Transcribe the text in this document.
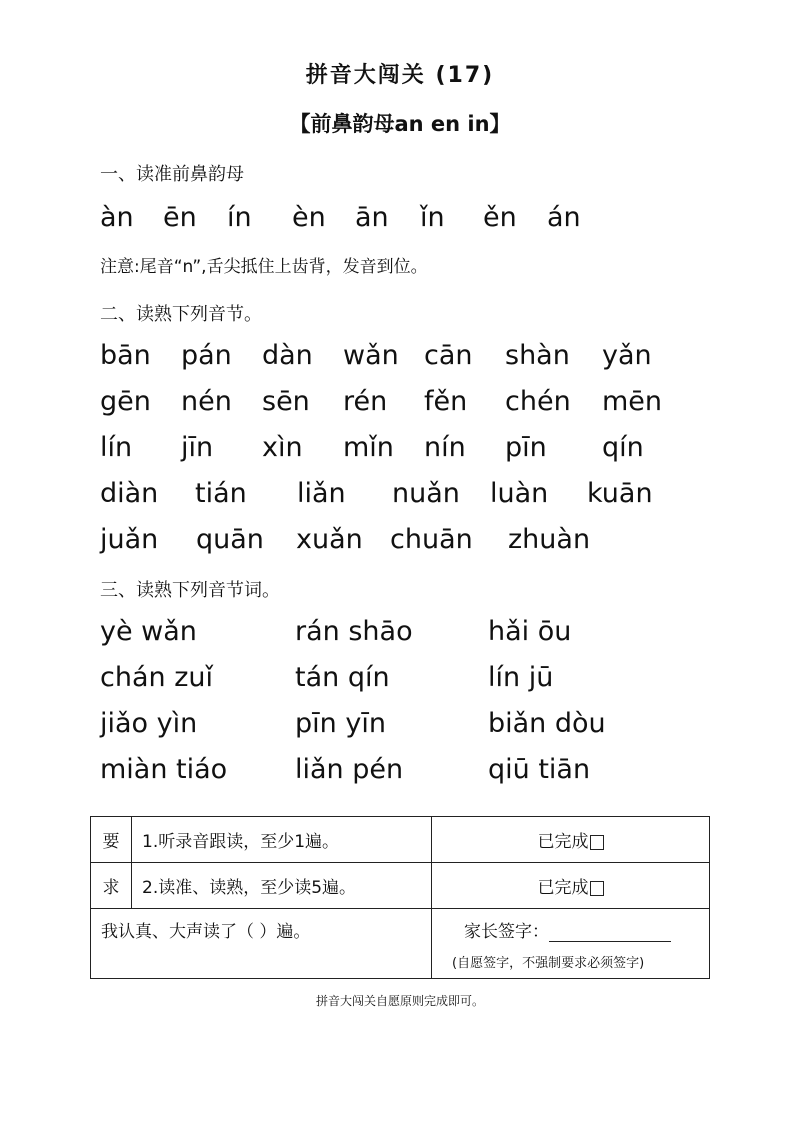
拼音大闯关 (17)
【前鼻韵母an en in】
一、读准前鼻韵母
àn ēn ín èn ān ǐn ěn án
注意:尾音“n”,舌尖抵住上齿背，发音到位。
二、读熟下列音节。
bān pán dàn wǎn cān shàn yǎn
gēn nén sēn rén fěn chén mēn
lín jīn xìn mǐn nín pīn qín
diàn tián liǎn nuǎn luàn kuān
juǎn quān xuǎn chuān zhuàn
三、读熟下列音节词。
yè wǎn	rán shāo	hǎi ōu
chán zuǐ	tán qín	lín jū
jiǎo yìn	pīn yīn	biǎn dòu
miàn tiáo	liǎn pén	qiū tiān
要	1.听录音跟读，至少1遍。	已完成
求	2.读准、读熟，至少读5遍。	已完成
我认真、大声读了（ ）遍。		家长签字：
(自愿签字，不强制要求必须签字)
拼音大闯关自愿原则完成即可。
